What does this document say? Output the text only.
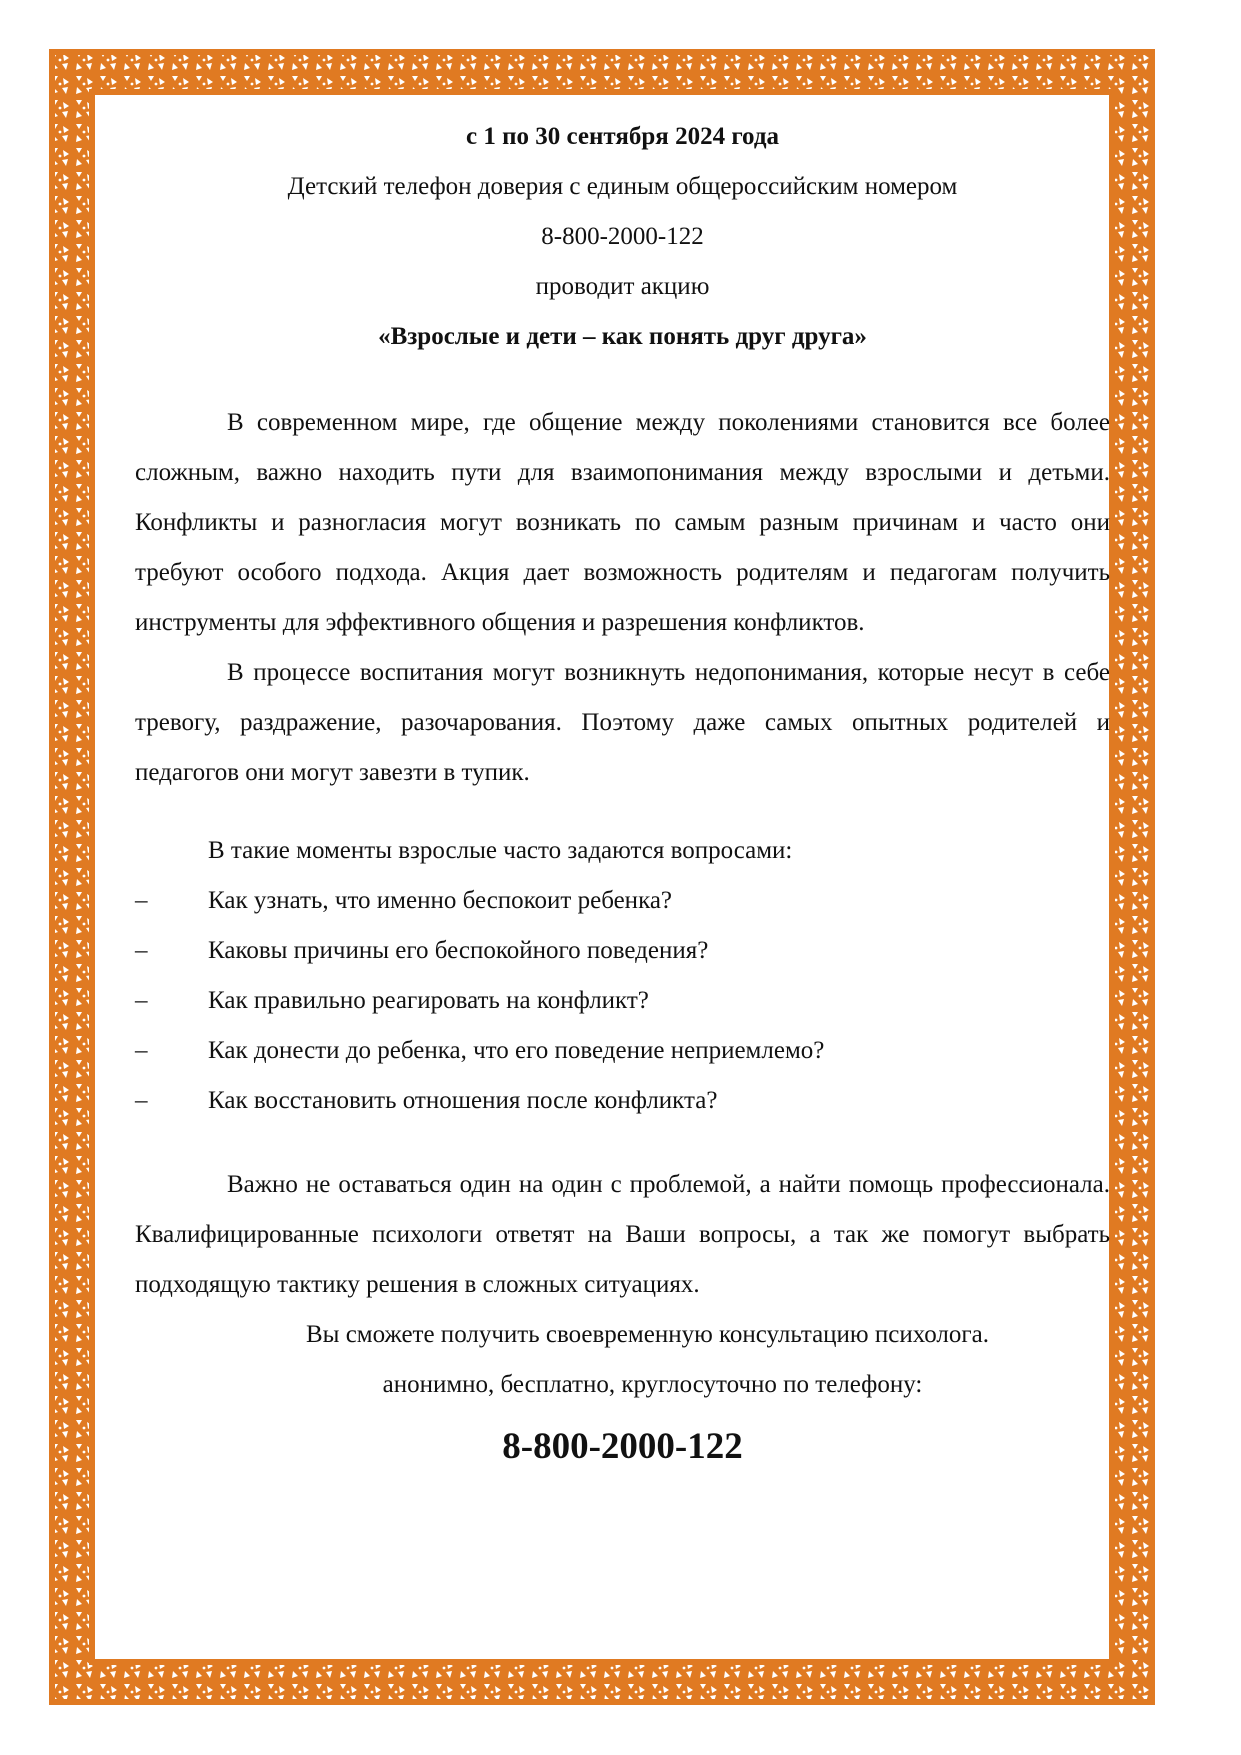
с 1 по 30 сентября 2024 года

Детский телефон доверия с единым общероссийским номером

8-800-2000-122

проводит акцию

«Взрослые и дети – как понять друг друга»

В современном мире, где общение между поколениями становится все более сложным, важно находить пути для взаимопонимания между взрослыми и детьми. Конфликты и разногласия могут возникать по самым разным причинам и часто они требуют особого подхода. Акция дает возможность родителям и педагогам получить инструменты для эффективного общения и разрешения конфликтов.

В процессе воспитания могут возникнуть недопонимания, которые несут в себе тревогу, раздражение, разочарования. Поэтому даже самых опытных родителей и педагогов они могут завезти в тупик.

В такие моменты взрослые часто задаются вопросами:

– Как узнать, что именно беспокоит ребенка?
– Каковы причины его беспокойного поведения?
– Как правильно реагировать на конфликт?
– Как донести до ребенка, что его поведение неприемлемо?
– Как восстановить отношения после конфликта?

Важно не оставаться один на один с проблемой, а найти помощь профессионала. Квалифицированные психологи ответят на Ваши вопросы, а так же помогут выбрать подходящую тактику решения в сложных ситуациях.

Вы сможете получить своевременную консультацию психолога.

анонимно, бесплатно, круглосуточно по телефону:

8-800-2000-122
